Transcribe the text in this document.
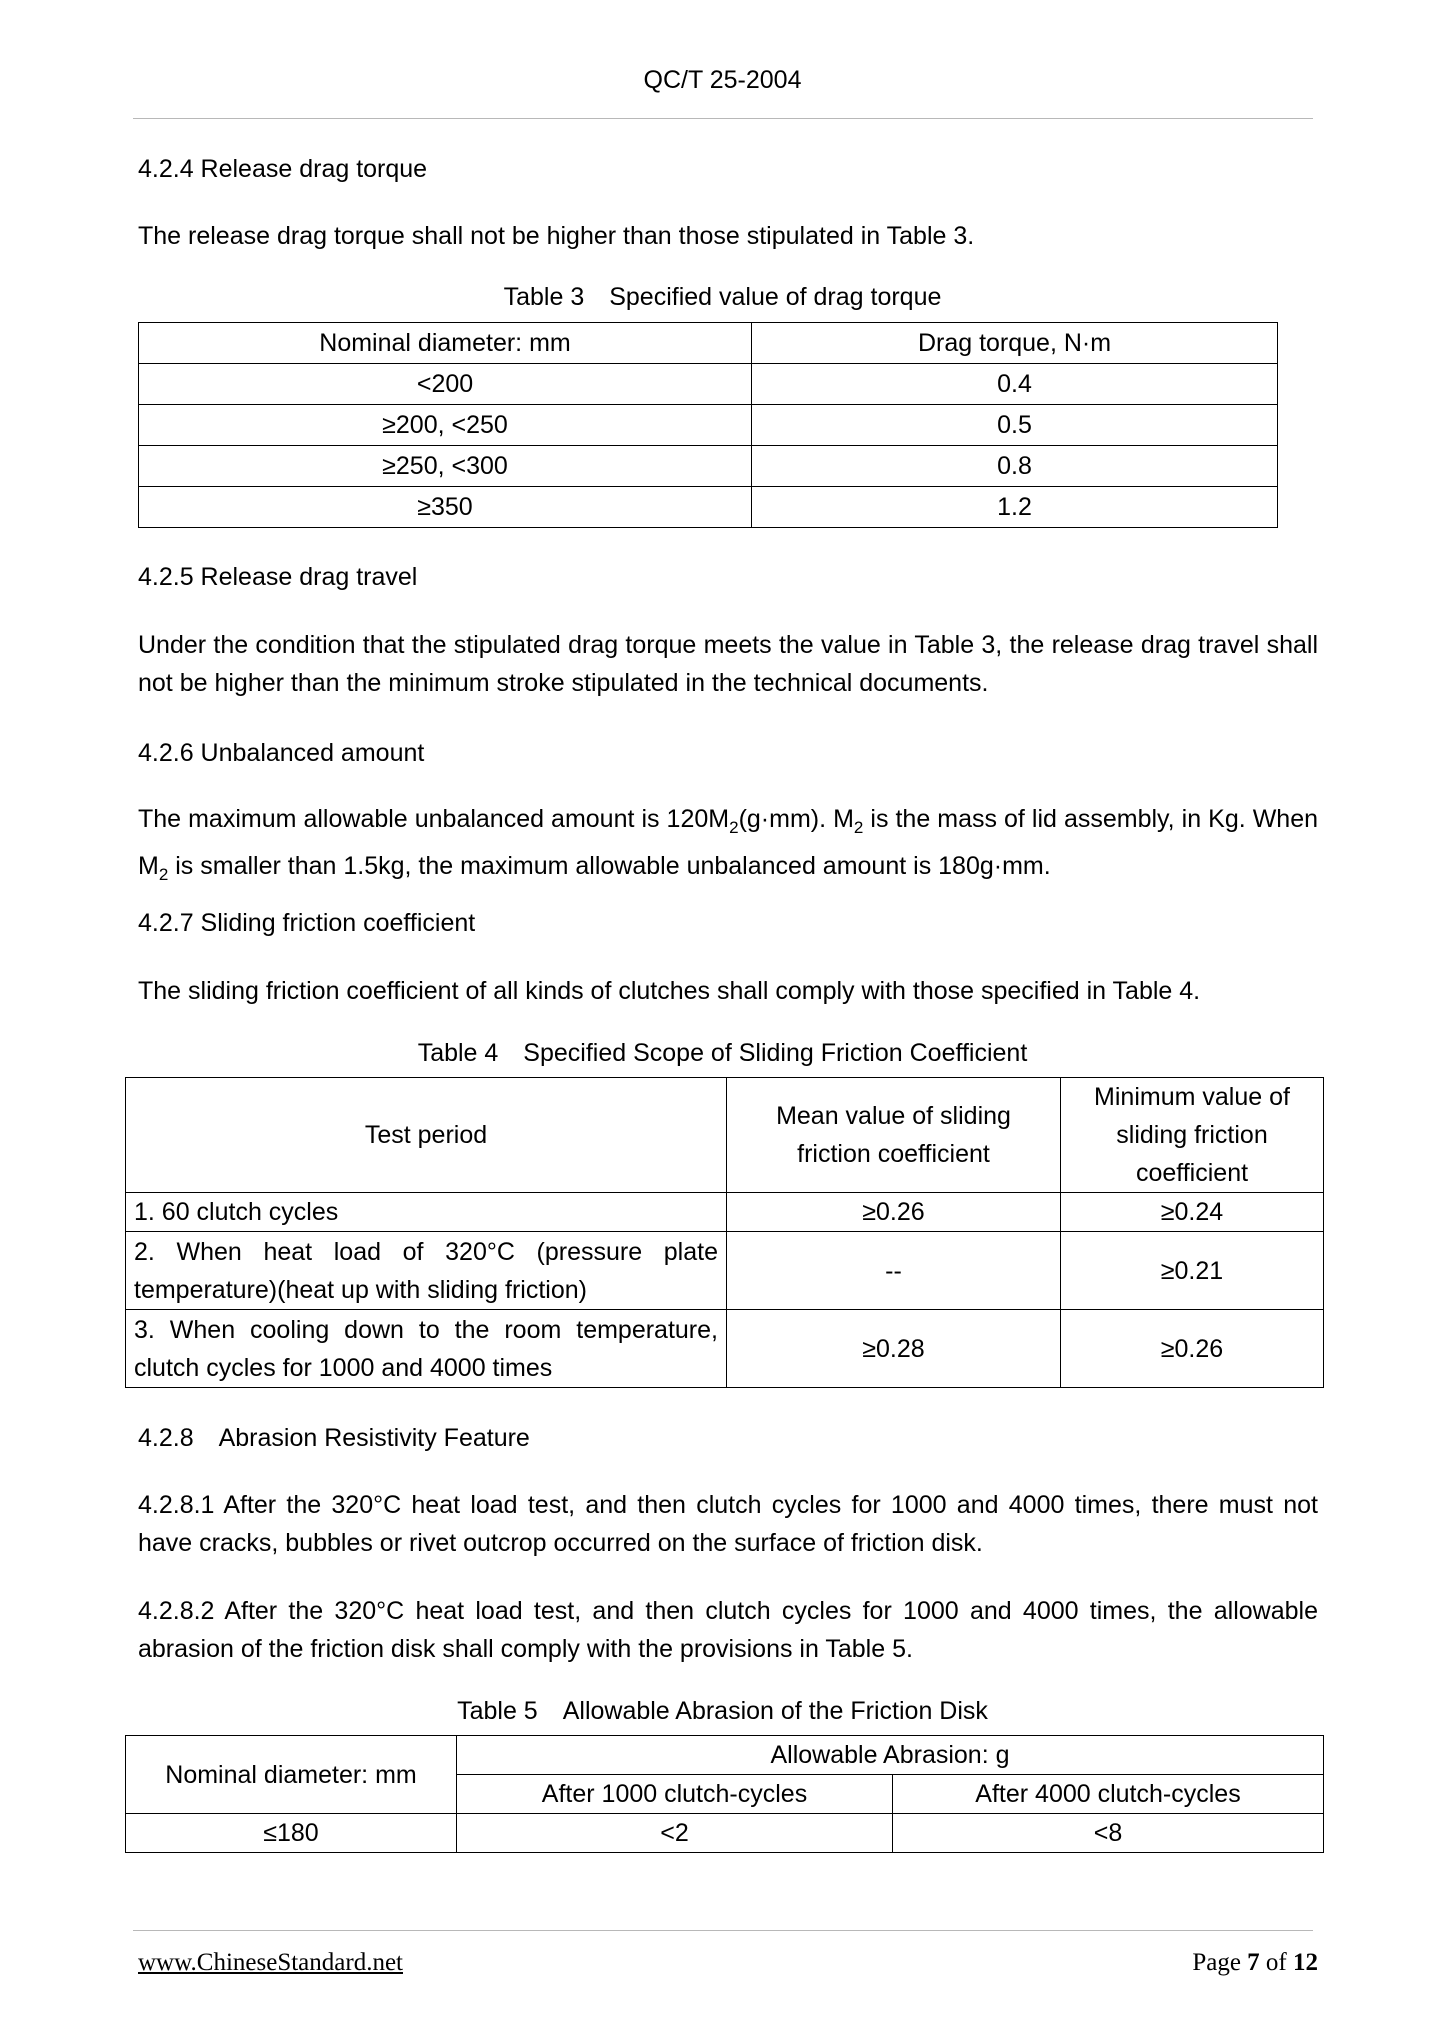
QC/T 25-2004
4.2.4 Release drag torque
The release drag torque shall not be higher than those stipulated in Table 3.
Table 3 Specified value of drag torque
Nominal diameter: mm	Drag torque, N·m
<200	0.4
≥200, <250	0.5
≥250, <300	0.8
≥350	1.2
4.2.5 Release drag travel
Under the condition that the stipulated drag torque meets the value in Table 3, the release drag travel shall not be higher than the minimum stroke stipulated in the technical documents.
4.2.6 Unbalanced amount
The maximum allowable unbalanced amount is $120M_2(g\cdot mm)$. $M_2$ is the mass of lid assembly, in Kg. When $M_2$ is smaller than 1.5kg, the maximum allowable unbalanced amount is 180g·mm.
4.2.7 Sliding friction coefficient
The sliding friction coefficient of all kinds of clutches shall comply with those specified in Table 4.
Table 4 Specified Scope of Sliding Friction Coefficient
Test period	Mean value of sliding friction coefficient	Minimum value of sliding friction coefficient
1. 60 clutch cycles	≥0.26	≥0.24
2. When heat load of 320°C (pressure plate temperature)(heat up with sliding friction)	--	≥0.21
3. When cooling down to the room temperature, clutch cycles for 1000 and 4000 times	≥0.28	≥0.26
4.2.8 Abrasion Resistivity Feature
4.2.8.1 After the 320°C heat load test, and then clutch cycles for 1000 and 4000 times, there must not have cracks, bubbles or rivet outcrop occurred on the surface of friction disk.
4.2.8.2 After the 320°C heat load test, and then clutch cycles for 1000 and 4000 times, the allowable abrasion of the friction disk shall comply with the provisions in Table 5.
Table 5 Allowable Abrasion of the Friction Disk
Nominal diameter: mm	Allowable Abrasion: g	
	After 1000 clutch-cycles	After 4000 clutch-cycles
≤180	<2	<8
www.ChineseStandard.net	Page 7 of 12
